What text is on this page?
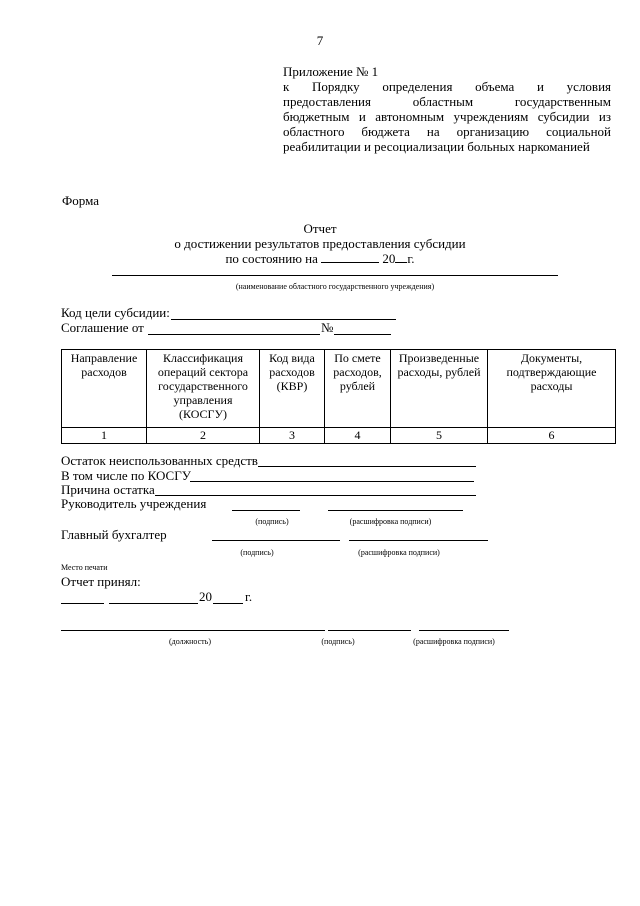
7
Приложение № 1
к Порядку определения объема и условия
предоставления областным государственным
бюджетным и автономным учреждениям субсидии из
областного бюджета на организацию социальной
реабилитации и ресоциализации больных наркоманией
Форма
Отчет
о достижении результатов предоставления субсидии
по состоянию на	20 г.
(наименование областного государственного учреждения)
Код цели субсидии:
Соглашение от	№
Направление расходов	Классификация операций сектора государственного управления (КОСГУ)	Код вида расходов (КВР)	По смете расходов, рублей	Произведенные расходы, рублей	Документы, подтверждающие расходы
1	2	3	4	5	6
Остаток неиспользованных средств
В том числе по КОСГУ
Причина остатка
Руководитель учреждения
(подпись)	(расшифровка подписи)
Главный бухгалтер
(подпись)	(расшифровка подписи)
Место печати
Отчет принял:
20	г.
(должность)	(подпись)	(расшифровка подписи)
